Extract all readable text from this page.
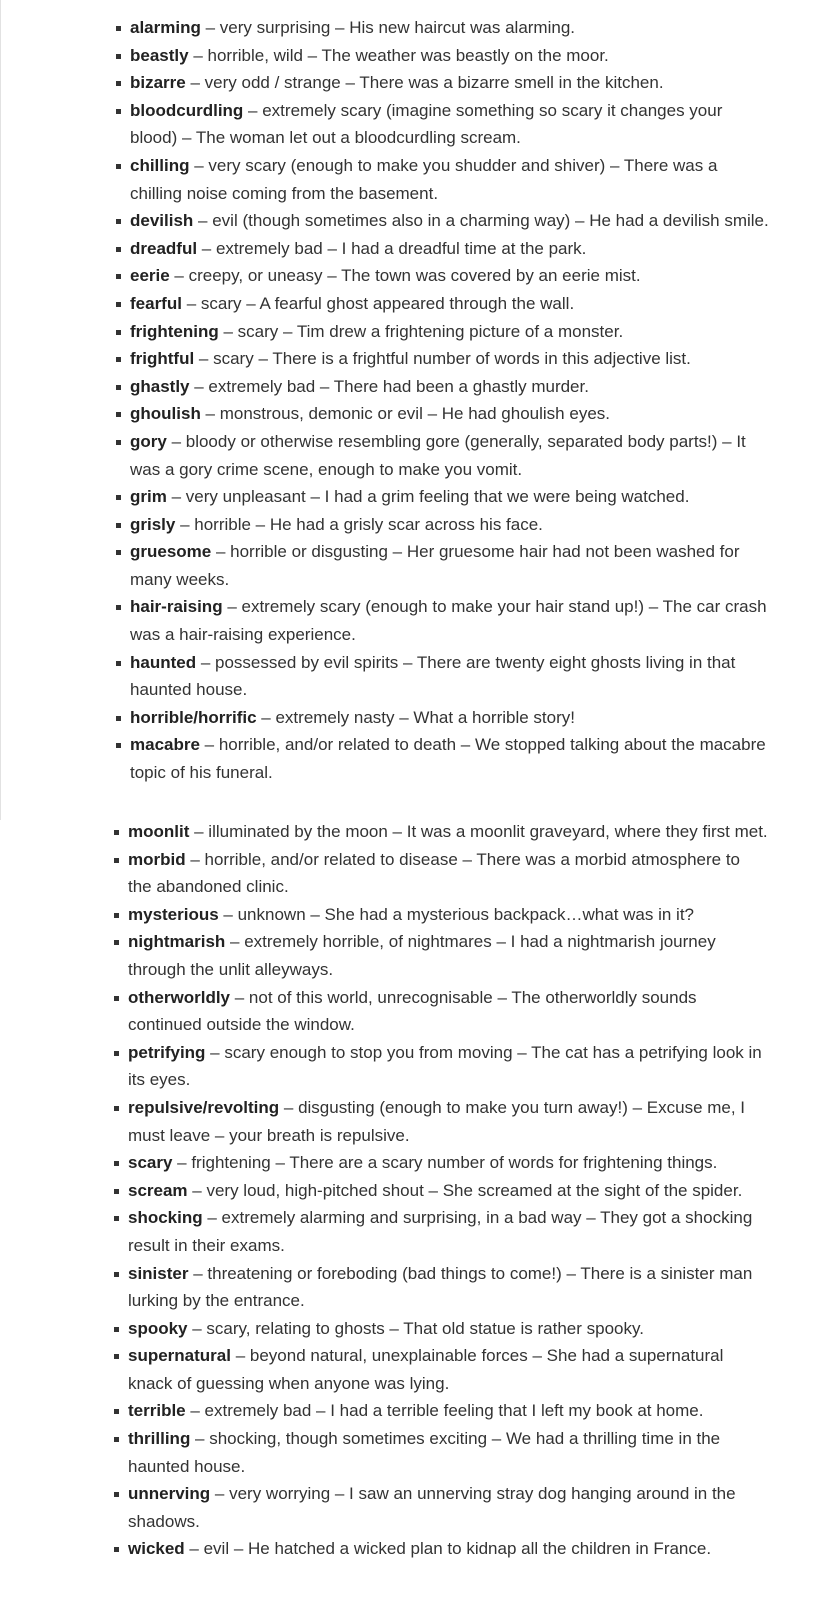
alarming – very surprising – His new haircut was alarming.
beastly – horrible, wild – The weather was beastly on the moor.
bizarre – very odd / strange – There was a bizarre smell in the kitchen.
bloodcurdling – extremely scary (imagine something so scary it changes your blood) – The woman let out a bloodcurdling scream.
chilling – very scary (enough to make you shudder and shiver) – There was a chilling noise coming from the basement.
devilish – evil (though sometimes also in a charming way) – He had a devilish smile.
dreadful – extremely bad – I had a dreadful time at the park.
eerie – creepy, or uneasy – The town was covered by an eerie mist.
fearful – scary – A fearful ghost appeared through the wall.
frightening – scary – Tim drew a frightening picture of a monster.
frightful – scary – There is a frightful number of words in this adjective list.
ghastly – extremely bad – There had been a ghastly murder.
ghoulish – monstrous, demonic or evil – He had ghoulish eyes.
gory – bloody or otherwise resembling gore (generally, separated body parts!) – It was a gory crime scene, enough to make you vomit.
grim – very unpleasant – I had a grim feeling that we were being watched.
grisly – horrible – He had a grisly scar across his face.
gruesome – horrible or disgusting – Her gruesome hair had not been washed for many weeks.
hair-raising – extremely scary (enough to make your hair stand up!) – The car crash was a hair-raising experience.
haunted – possessed by evil spirits – There are twenty eight ghosts living in that haunted house.
horrible/horrific – extremely nasty – What a horrible story!
macabre – horrible, and/or related to death – We stopped talking about the macabre topic of his funeral.
moonlit – illuminated by the moon – It was a moonlit graveyard, where they first met.
morbid – horrible, and/or related to disease – There was a morbid atmosphere to the abandoned clinic.
mysterious – unknown – She had a mysterious backpack…what was in it?
nightmarish – extremely horrible, of nightmares – I had a nightmarish journey through the unlit alleyways.
otherworldly – not of this world, unrecognisable – The otherworldly sounds continued outside the window.
petrifying – scary enough to stop you from moving – The cat has a petrifying look in its eyes.
repulsive/revolting – disgusting (enough to make you turn away!) – Excuse me, I must leave – your breath is repulsive.
scary – frightening – There are a scary number of words for frightening things.
scream – very loud, high-pitched shout – She screamed at the sight of the spider.
shocking – extremely alarming and surprising, in a bad way – They got a shocking result in their exams.
sinister – threatening or foreboding (bad things to come!) – There is a sinister man lurking by the entrance.
spooky – scary, relating to ghosts – That old statue is rather spooky.
supernatural – beyond natural, unexplainable forces – She had a supernatural knack of guessing when anyone was lying.
terrible – extremely bad – I had a terrible feeling that I left my book at home.
thrilling – shocking, though sometimes exciting – We had a thrilling time in the haunted house.
unnerving – very worrying – I saw an unnerving stray dog hanging around in the shadows.
wicked – evil – He hatched a wicked plan to kidnap all the children in France.
